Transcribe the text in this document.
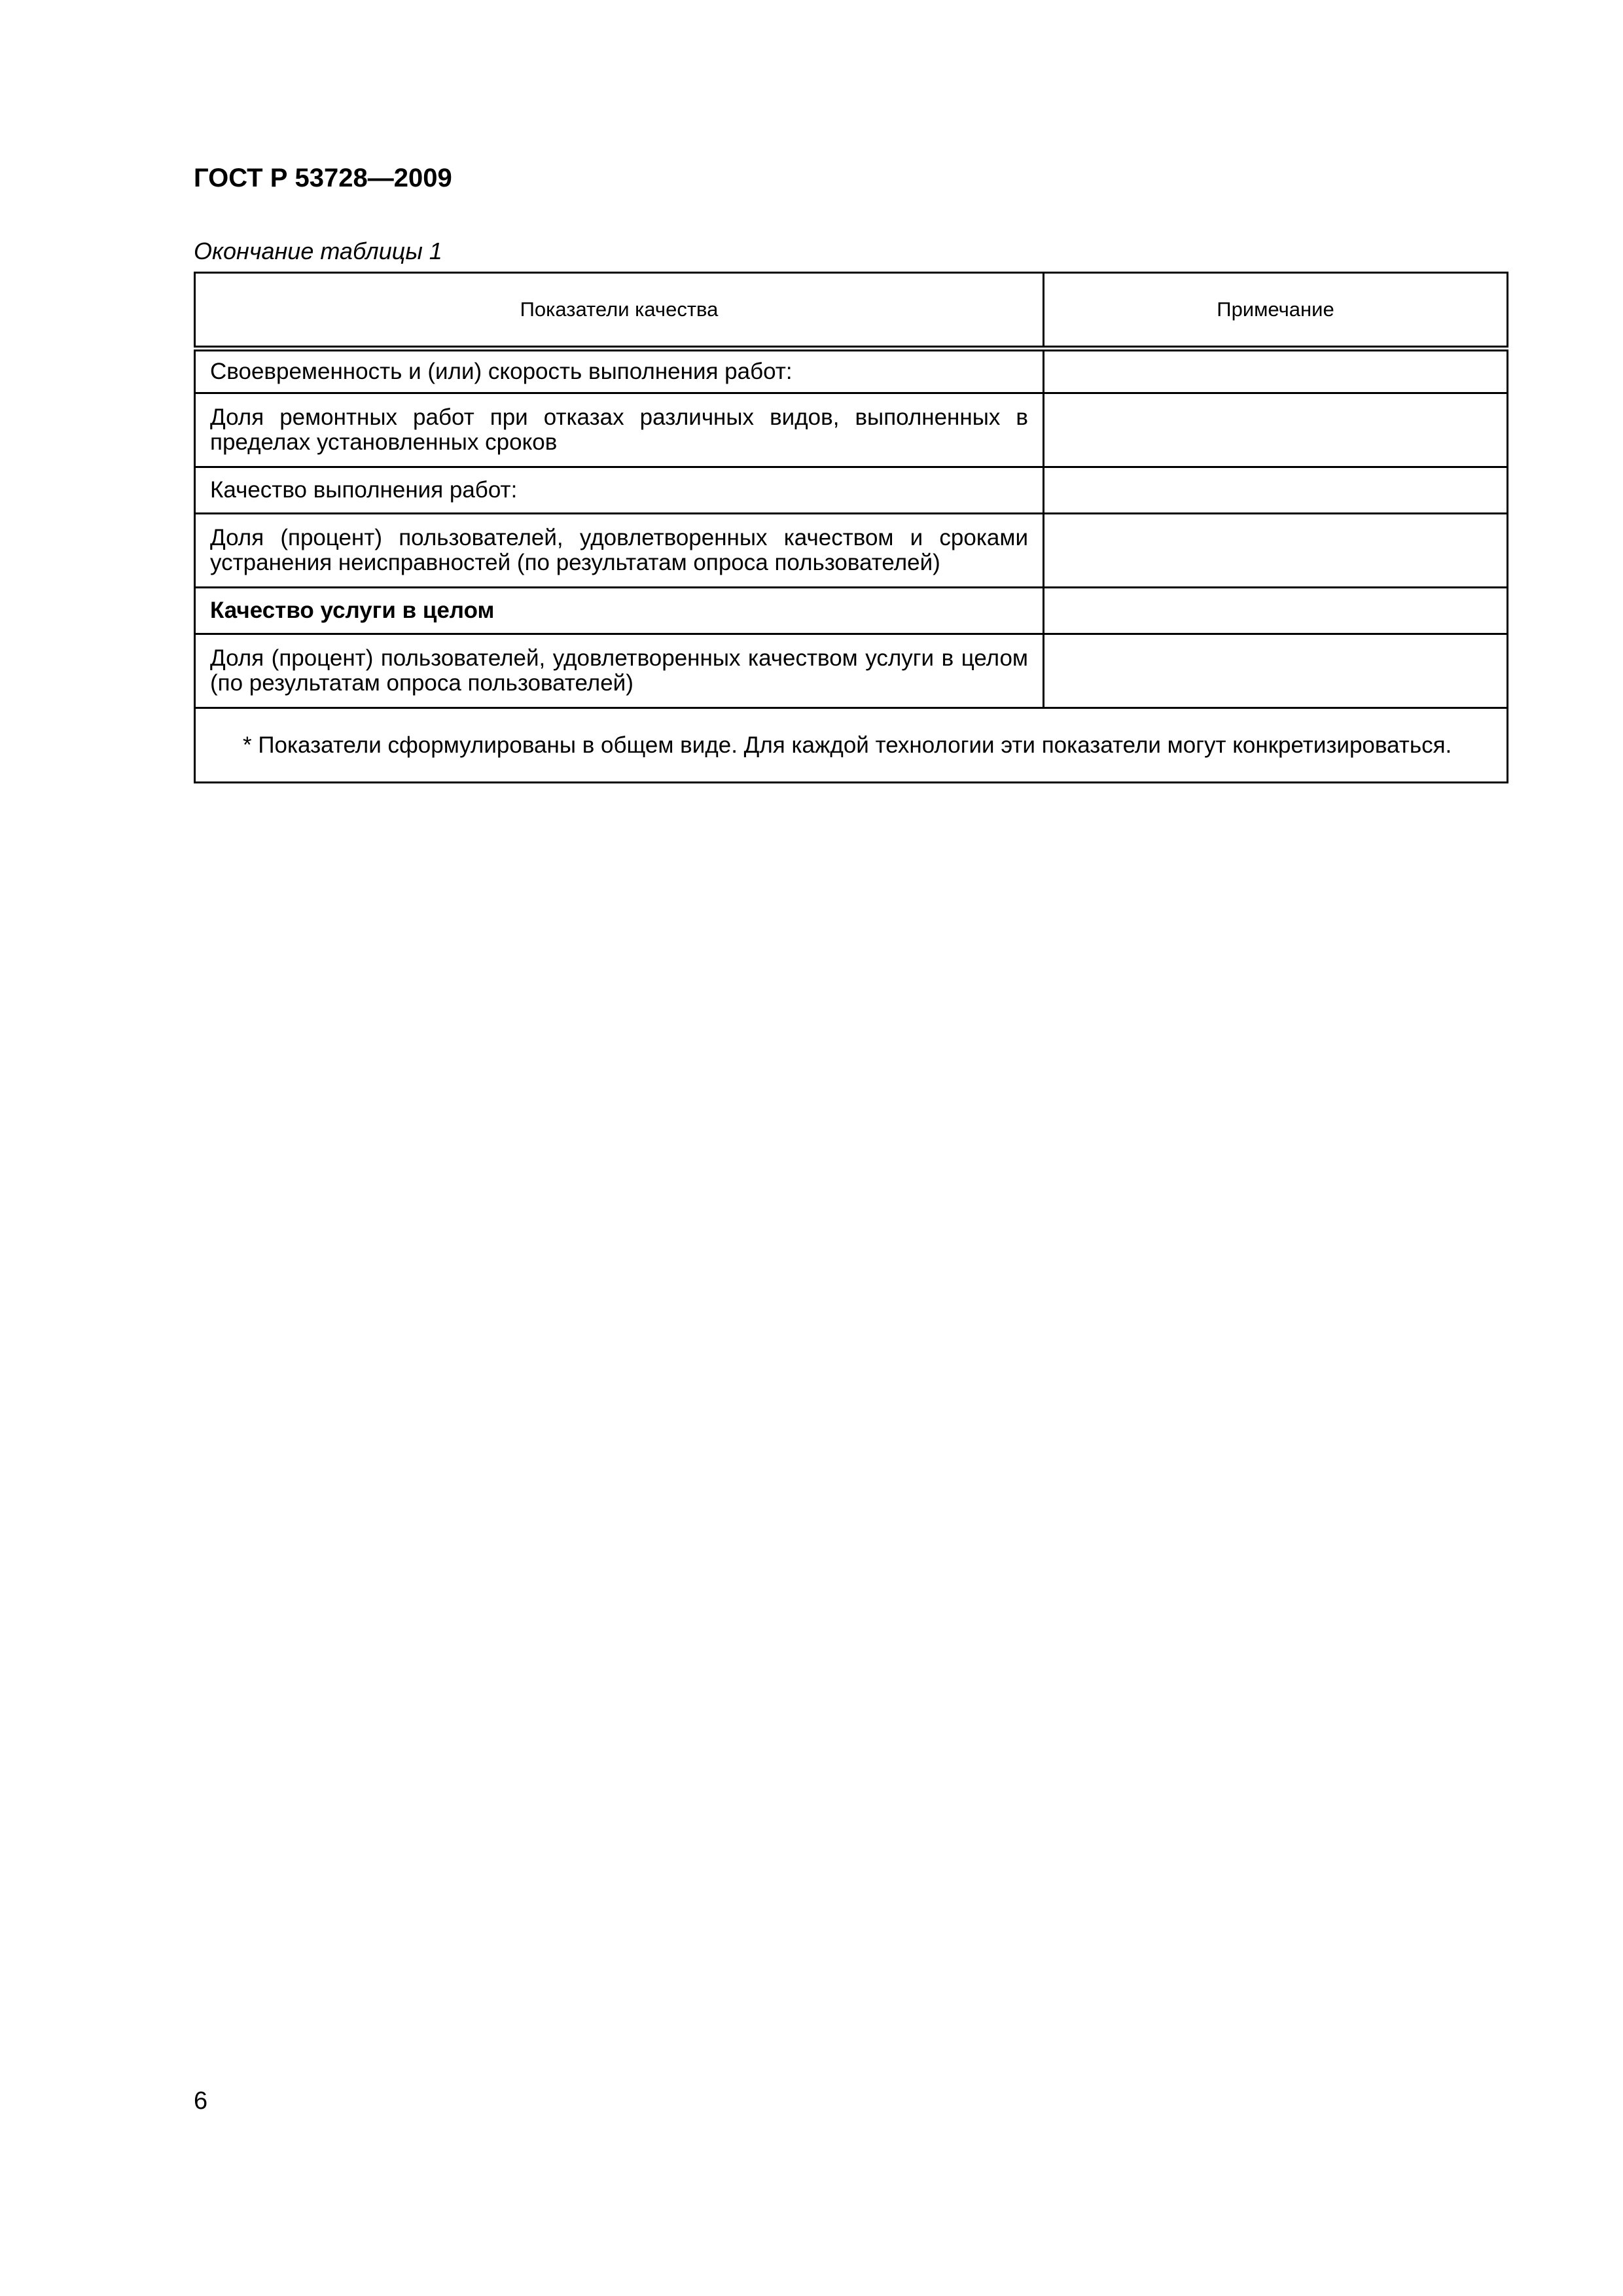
ГОСТ Р 53728—2009
Окончание таблицы 1
Показатели качества	Примечание
Своевременность и (или) скорость выполнения работ:	
Доля ремонтных работ при отказах различных видов, выполненных в пределах установленных сроков	
Качество выполнения работ:	
Доля (процент) пользователей, удовлетворенных качеством и сроками устранения неисправностей (по результатам опроса пользователей)	
Качество услуги в целом	
Доля (процент) пользователей, удовлетворенных качеством услуги в целом (по результатам опроса пользователей)	
* Показатели сформулированы в общем виде. Для каждой технологии эти показатели могут конкретизироваться.	
6
